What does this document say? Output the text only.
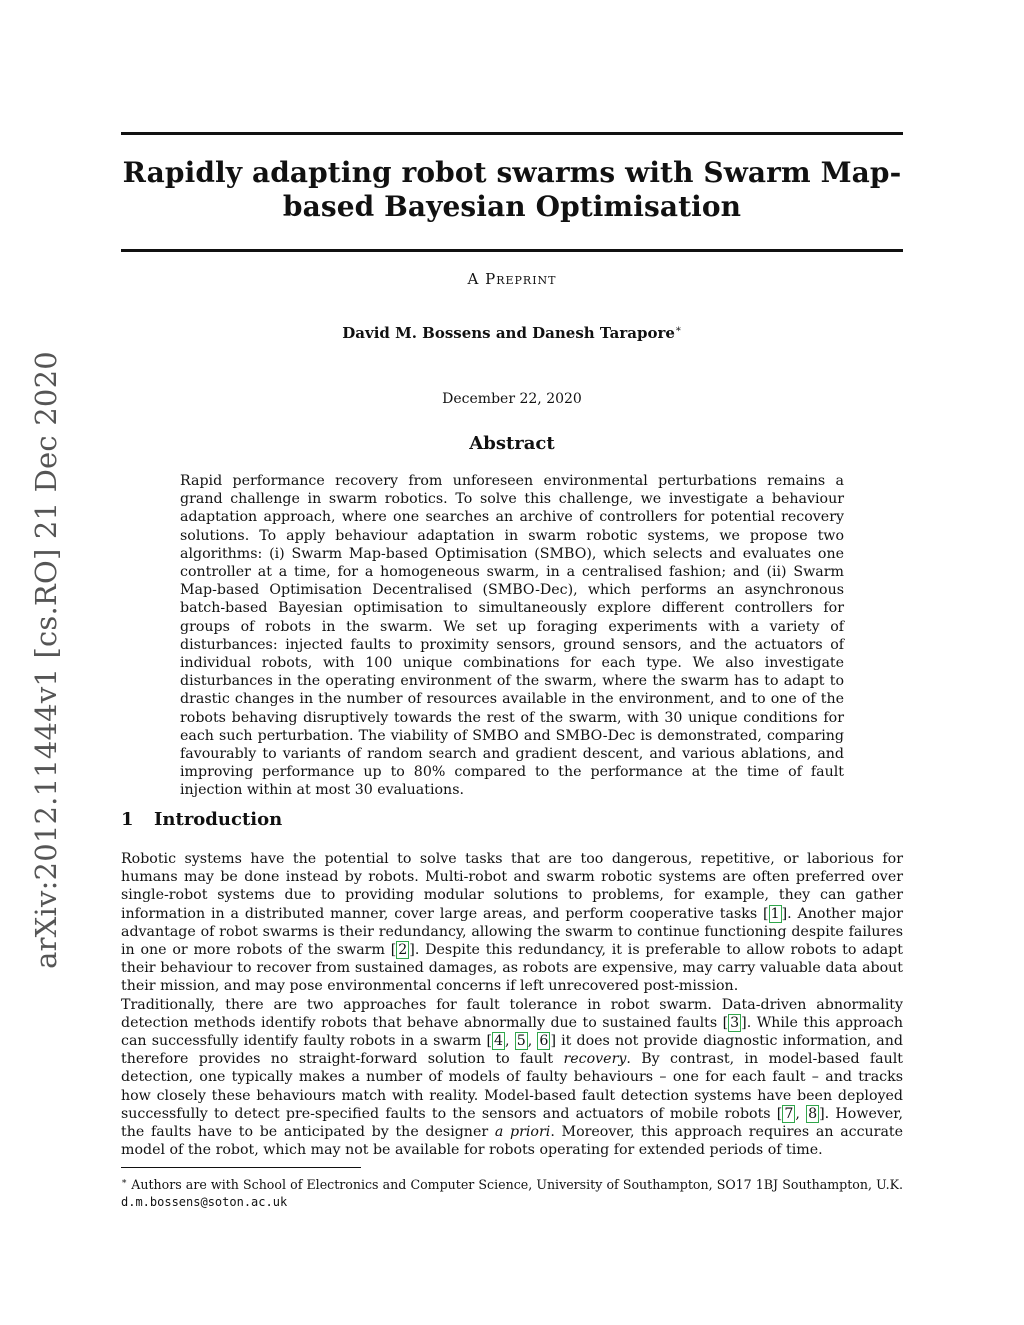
arXiv:2012.11444v1 [cs.RO] 21 Dec 2020
Rapidly adapting robot swarms with Swarm Map-based Bayesian Optimisation
A Preprint
David M. Bossens and Danesh Tarapore∗
December 22, 2020
Abstract
Rapid performance recovery from unforeseen environmental perturbations remains a grand challenge in swarm robotics. To solve this challenge, we investigate a behaviour adaptation approach, where one searches an archive of controllers for potential recovery solutions. To apply behaviour adaptation in swarm robotic systems, we propose two algorithms: (i) Swarm Map-based Optimisation (SMBO), which selects and evaluates one controller at a time, for a homogeneous swarm, in a centralised fashion; and (ii) Swarm Map-based Optimisation Decentralised (SMBO-Dec), which performs an asynchronous batch-based Bayesian optimisation to simultaneously explore different controllers for groups of robots in the swarm. We set up foraging experiments with a variety of disturbances: injected faults to proximity sensors, ground sensors, and the actuators of individual robots, with 100 unique combinations for each type. We also investigate disturbances in the operating environment of the swarm, where the swarm has to adapt to drastic changes in the number of resources available in the environment, and to one of the robots behaving disruptively towards the rest of the swarm, with 30 unique conditions for each such perturbation. The viability of SMBO and SMBO-Dec is demonstrated, comparing favourably to variants of random search and gradient descent, and various ablations, and improving performance up to 80% compared to the performance at the time of fault injection within at most 30 evaluations.
1 Introduction

Robotic systems have the potential to solve tasks that are too dangerous, repetitive, or laborious for humans may be done instead by robots. Multi-robot and swarm robotic systems are often preferred over single-robot systems due to providing modular solutions to problems, for example, they can gather information in a distributed manner, cover large areas, and perform cooperative tasks [ 1 ]. Another major advantage of robot swarms is their redundancy, allowing the swarm to continue functioning despite failures in one or more robots of the swarm [ 2 ]. Despite this redundancy, it is preferable to allow robots to adapt their behaviour to recover from sustained damages, as robots are expensive, may carry valuable data about their mission, and may pose environmental concerns if left unrecovered post-mission.

Traditionally, there are two approaches for fault tolerance in robot swarm. Data-driven abnormality detection methods identify robots that behave abnormally due to sustained faults [ 3 ]. While this approach can successfully identify faulty robots in a swarm [ 4 , 5 , 6 ] it does not provide diagnostic information, and therefore provides no straight-forward solution to fault recovery. By contrast, in model-based fault detection, one typically makes a number of models of faulty behaviours – one for each fault – and tracks how closely these behaviours match with reality. Model-based fault detection systems have been deployed successfully to detect pre-specified faults to the sensors and actuators of mobile robots [ 7 , 8 ]. However, the faults have to be anticipated by the designer a priori. Moreover, this approach requires an accurate model of the robot, which may not be available for robots operating for extended periods of time.

∗ Authors are with School of Electronics and Computer Science, University of Southampton, SO17 1BJ Southampton, U.K. d.m.bossens@soton.ac.uk
